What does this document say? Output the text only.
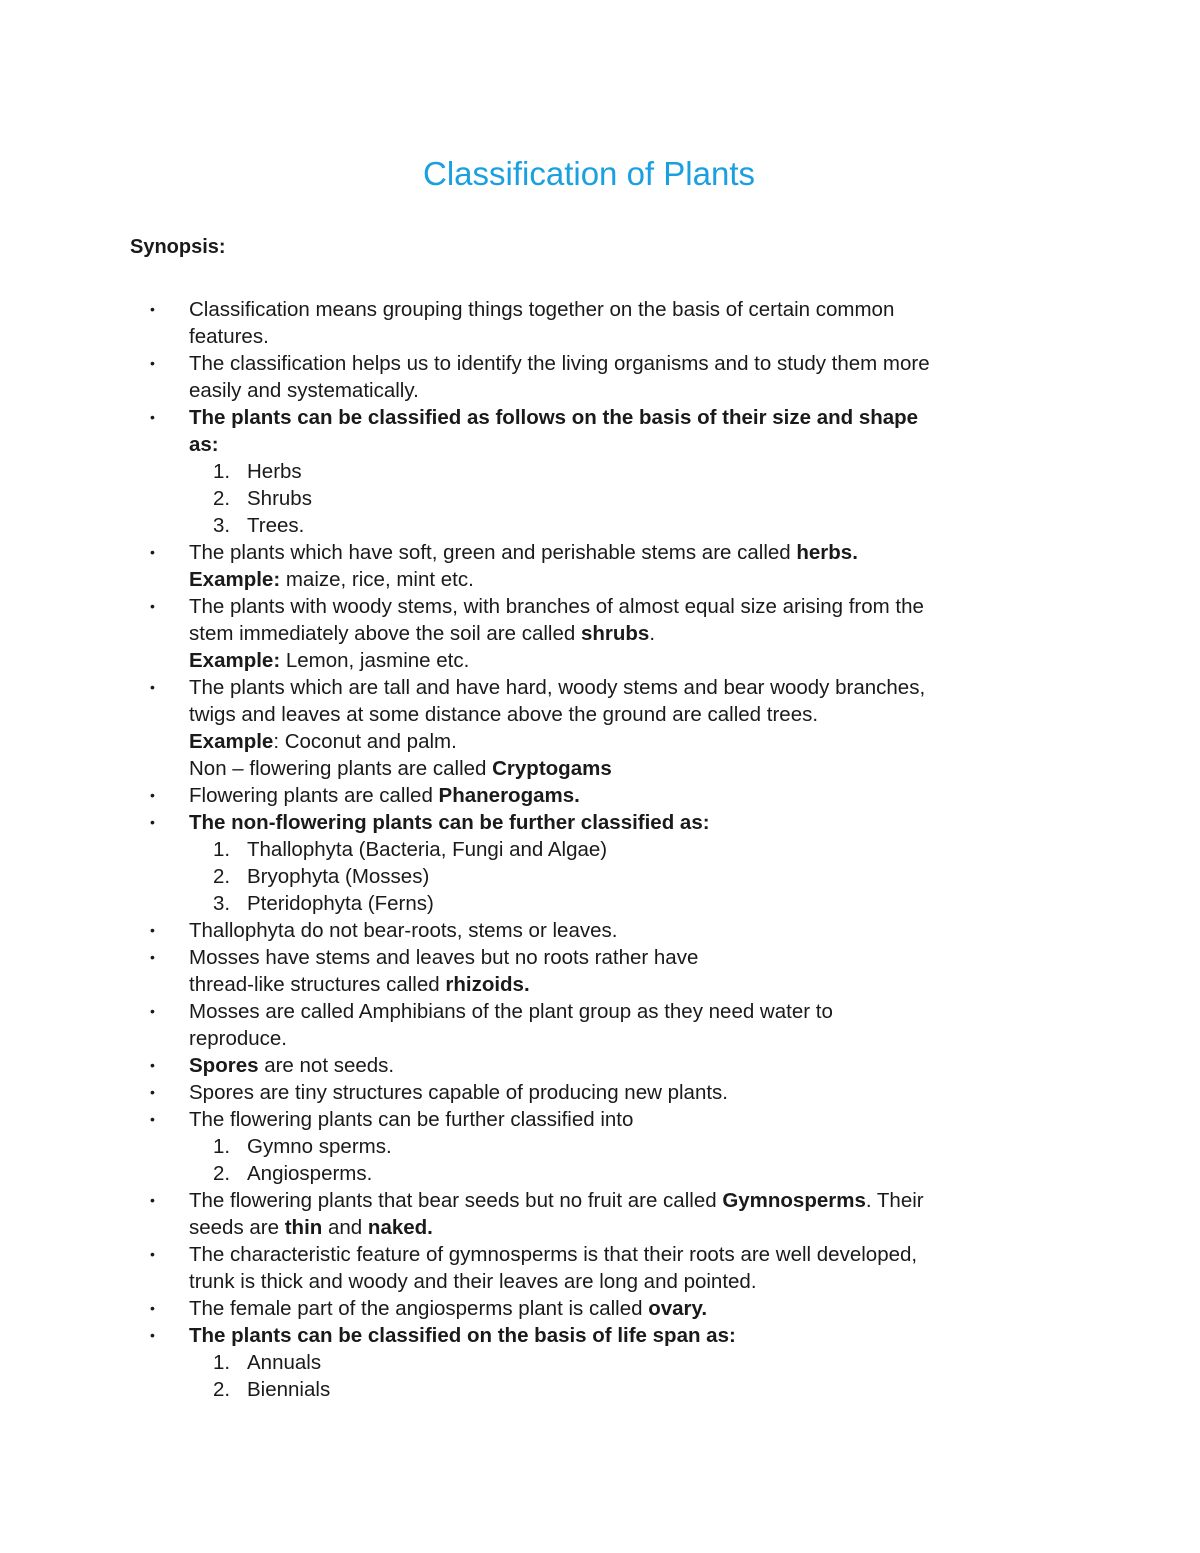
Classification of Plants

Synopsis:

• Classification means grouping things together on the basis of certain common
features.
• The classification helps us to identify the living organisms and to study them more
easily and systematically.
• The plants can be classified as follows on the basis of their size and shape
as:
1. Herbs
2. Shrubs
3. Trees.
• The plants which have soft, green and perishable stems are called herbs.
Example: maize, rice, mint etc.
• The plants with woody stems, with branches of almost equal size arising from the
stem immediately above the soil are called shrubs.
Example: Lemon, jasmine etc.
• The plants which are tall and have hard, woody stems and bear woody branches,
twigs and leaves at some distance above the ground are called trees.
Example: Coconut and palm.
Non – flowering plants are called Cryptogams
• Flowering plants are called Phanerogams.
• The non-flowering plants can be further classified as:
1. Thallophyta (Bacteria, Fungi and Algae)
2. Bryophyta (Mosses)
3. Pteridophyta (Ferns)
• Thallophyta do not bear-roots, stems or leaves.
• Mosses have stems and leaves but no roots rather have
thread-like structures called rhizoids.
• Mosses are called Amphibians of the plant group as they need water to
reproduce.
• Spores are not seeds.
• Spores are tiny structures capable of producing new plants.
• The flowering plants can be further classified into
1. Gymno sperms.
2. Angiosperms.
• The flowering plants that bear seeds but no fruit are called Gymnosperms. Their
seeds are thin and naked.
• The characteristic feature of gymnosperms is that their roots are well developed,
trunk is thick and woody and their leaves are long and pointed.
• The female part of the angiosperms plant is called ovary.
• The plants can be classified on the basis of life span as:
1. Annuals
2. Biennials
